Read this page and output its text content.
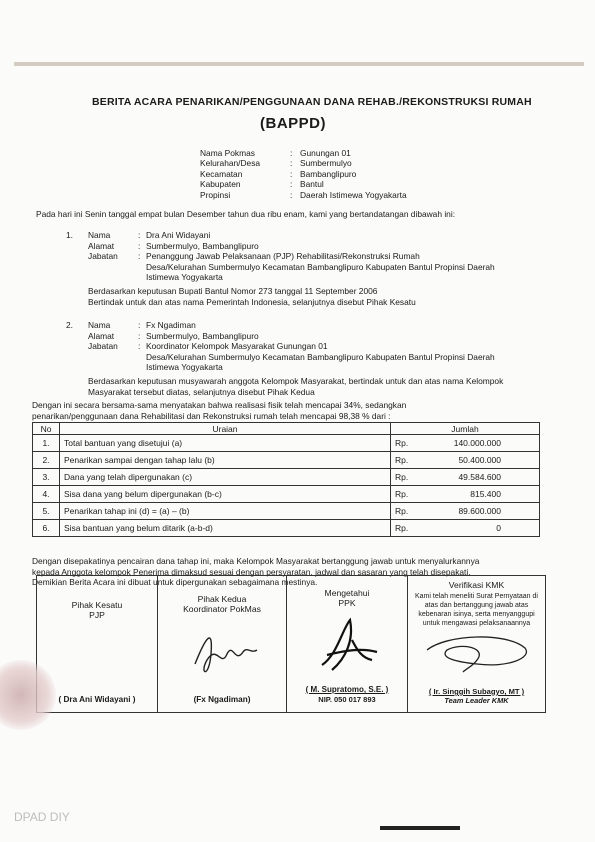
BERITA ACARA PENARIKAN/PENGGUNAAN DANA REHAB./REKONSTRUKSI RUMAH
(BAPPD)
Nama Pokmas	: Gunungan 01
Kelurahan/Desa	: Sumbermulyo
Kecamatan	: Bambanglipuro
Kabupaten	: Bantul
Propinsi	: Daerah Istimewa Yogyakarta
Pada hari ini Senin tanggal empat bulan Desember tahun dua ribu enam, kami yang bertandatangan dibawah ini:
1.	Nama	: Dra Ani Widayani
Alamat	: Sumbermulyo, Bambanglipuro
Jabatan	: Penanggung Jawab Pelaksanaan (PJP) Rehabilitasi/Rekonstruksi Rumah
Desa/Kelurahan Sumbermulyo Kecamatan Bambanglipuro Kabupaten Bantul Propinsi Daerah
Istimewa Yogyakarta
Berdasarkan keputusan Bupati Bantul Nomor 273 tanggal 11 September 2006
Bertindak untuk dan atas nama Pemerintah Indonesia, selanjutnya disebut Pihak Kesatu
2.	Nama	: Fx Ngadiman
Alamat	: Sumbermulyo, Bambanglipuro
Jabatan	: Koordinator Kelompok Masyarakat Gunungan 01
Desa/Kelurahan Sumbermulyo Kecamatan Bambanglipuro Kabupaten Bantul Propinsi Daerah
Istimewa Yogyakarta
Berdasarkan keputusan musyawarah anggota Kelompok Masyarakat, bertindak untuk dan atas nama Kelompok
Masyarakat tersebut diatas, selanjutnya disebut Pihak Kedua
Dengan ini secara bersama-sama menyatakan bahwa realisasi fisik telah mencapai 34%, sedangkan
penarikan/penggunaan dana Rehabilitasi dan Rekonstruksi rumah telah mencapai 98,38 % dari :
No	Uraian	Jumlah	
1.	Total bantuan yang disetujui (a)	Rp.	140.000.000
2.	Penarikan sampai dengan tahap lalu (b)	Rp.	50.400.000
3.	Dana yang telah dipergunakan (c)	Rp.	49.584.600
4.	Sisa dana yang belum dipergunakan (b-c)	Rp.	815.400
5.	Penarikan tahap ini (d) = (a) – (b)	Rp.	89.600.000
6.	Sisa bantuan yang belum ditarik (a-b-d)	Rp.	0
Dengan disepakatinya pencairan dana tahap ini, maka Kelompok Masyarakat bertanggung jawab untuk menyalurkannya
kepada Anggota kelompok Penerima dimaksud sesuai dengan persyaratan, jadwal dan sasaran yang telah disepakati.
Demikian Berita Acara ini dibuat untuk dipergunakan sebagaimana mestinya.
Pihak Kesatu
PJP
( Dra Ani Widayani )
Pihak Kedua
Koordinator PokMas
(Fx Ngadiman)
Mengetahui
PPK
( M. Supratomo, S.E. )
NIP. 050 017 893
Verifikasi KMK
Kami telah meneliti Surat Pernyataan di
atas dan bertanggung jawab atas
kebenaran isinya, serta menyanggupi
untuk mengawasi pelaksanaannya
( Ir. Singgih Subagyo, MT )
Team Leader KMK
DPAD DIY
